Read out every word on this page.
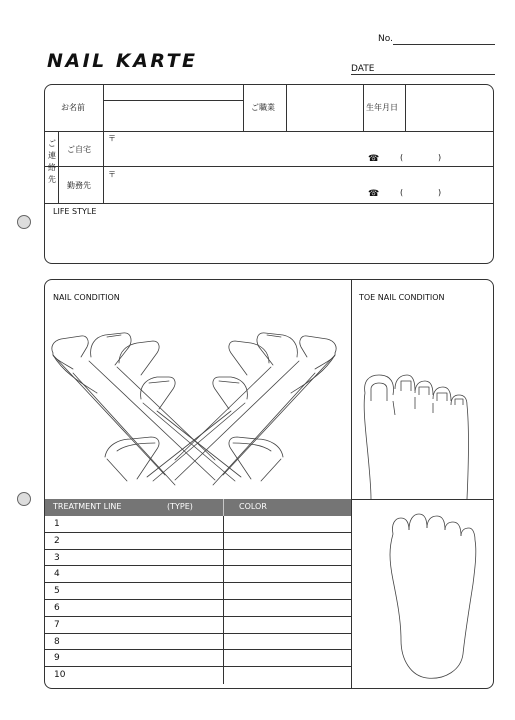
No.
NAIL KARTE	DATE
お名前	ご職業	生年月日
ご連絡先
ご自宅
〒
☎	(	)
勤務先
〒
☎	(	)
LIFE STYLE
NAIL CONDITION	TOE NAIL CONDITION
TREATMENT LINE	(TYPE)	COLOR
1
2
3
4
5
6
7
8
9
10
